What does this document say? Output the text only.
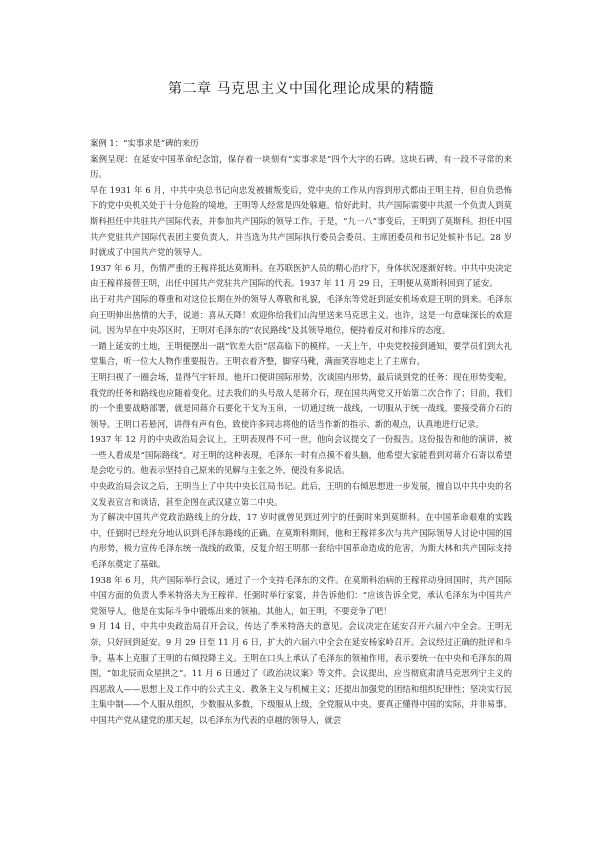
第二章 马克思主义中国化理论成果的精髓

案例 1：“实事求是”碑的来历

案例呈现：在延安中国革命纪念馆，保存着一块刻有“实事求是”四个大字的石碑。这块石碑，有一段不寻常的来历。

早在 1931 年 6 月，中共中央总书记向忠发被捕叛变后，党中央的工作从内容到形式都由王明主持，但自负恐怖下的党中央机关处于十分危险的境地，王明等人经常是四处躲避。恰好此时，共产国际需要中共派一个负责人到莫斯科担任中共驻共产国际代表，并参加共产国际的领导工作。于是，“九一八”事变后，王明到了莫斯科。担任中国共产党驻共产国际代表团主要负责人，并当选为共产国际执行委员会委员、主席团委员和书记处候补书记。28 岁时就成了中国共产党的领导人。

1937 年 6 月，伤情严重的王稼祥抵达莫斯科。在苏联医护人员的精心治疗下，身体状况逐渐好转。中共中央决定由王稼祥接替王明，出任中国共产党驻共产国际的代表。1937 年 11 月 29 日，王明便从莫斯科回到了延安。

出于对共产国际的尊重和对这位长期在外的领导人尊敬和礼貌，毛泽东等党赶到延安机场欢迎王明的到来。毛泽东向王明伸出热情的大手，说道：喜从天降！欢迎你给我们山沟里送来马克思主义。也许，这是一句意味深长的欢迎词。因为早在中央苏区时，王明对毛泽东的“农民路线”及其领导地位，便持着反对和排斥的态度。

一踏上延安的土地，王明便摆出一副“钦差大臣”居高临下的模样。一天上午，中央党校接到通知，要学员们到大礼堂集合，听一位大人物作重要报告。王明衣着齐整，脚穿马靴，满面笑容地走上了主席台。

王明扫视了一圈会场，显得气宇轩昂。他开口便讲国际形势，次谈国内形势，最后谈到党的任务：现在形势变啦，我党的任务和路线也应随着变化。过去我们的头号敌人是蒋介石，现在国共两党又开始第二次合作了；目前，我们的一个重要战略部署，就是同蒋介石要化干戈为玉帛，一切通过统一战线，一切服从于统一战线，要接受蒋介石的领导。王明口若悬河，讲得有声有色，致使许多同志将他的话当作新的指示、新的观点，认真地进行记录。

1937 年 12 月的中央政治局会议上，王明表现得不可一世，他向会议提交了一份报告。这份报告和他的演讲，被一些人看成是“国际路线”。对王明的这种表现，毛泽东一时有点摸不着头脑，他希望大家能看到对蒋介石寄以希望是会吃亏的。他表示坚持自己原来的见解与主张之外，便没有多说话。

中央政治局会议之后，王明当上了中共中央长江局书记。此后，王明的右倾思想进一步发展，擅自以中共中央的名义发表宣言和谈话，甚至企图在武汉建立第二中央。

为了解决中国共产党政治路线上的分歧，17 岁时就曾见到过列宁的任弼时来到莫斯科。在中国革命艰难的实践中，任弼时已经充分地认识到毛泽东路线的正确。在莫斯科期间，他和王稼祥多次与共产国际领导人讨论中国的国内形势，极力宣传毛泽东统一战线的政策，反复介绍王明那一套给中国革命造成的危害，为斯大林和共产国际支持毛泽东奠定了基础。

1938 年 6 月，共产国际举行会议，通过了一个支持毛泽东的文件。在莫斯科治病的王稼祥动身回国时，共产国际中国方面的负责人季米特洛夫为王稼祥、任弼时举行家宴，并告诉他们：“应该告诉全党，承认毛泽东为中国共产党领导人，他是在实际斗争中锻炼出来的领袖。其他人，如王明，不要竞争了吧！

9 月 14 日，中共中央政治局召开会议，传达了季米特洛夫的意见。会议决定在延安召开六届六中全会。王明无奈，只好回到延安。9 月 29 日至 11 月 6 日，扩大的六届六中全会在延安杨家岭召开。会议经过正确的批评和斗争，基本上克服了王明的右倾投降主义。王明在口头上承认了毛泽东的领袖作用，表示要统一在中央和毛泽东的周围，“如北辰而众星拱之”。11 月 6 日通过了《政治决议案》等文件。会议提出，应当彻底肃清马克思列宁主义的四恶敌人——思想上及工作中的公式主义、教条主义与机械主义；还提出加强党的团结和组织纪律性；坚决实行民主集中制——个人服从组织，少数服从多数，下级服从上级，全党服从中央。要真正懂得中国的实际，并非易事。中国共产党从建党的那天起，以毛泽东为代表的卓越的领导人，就尝
